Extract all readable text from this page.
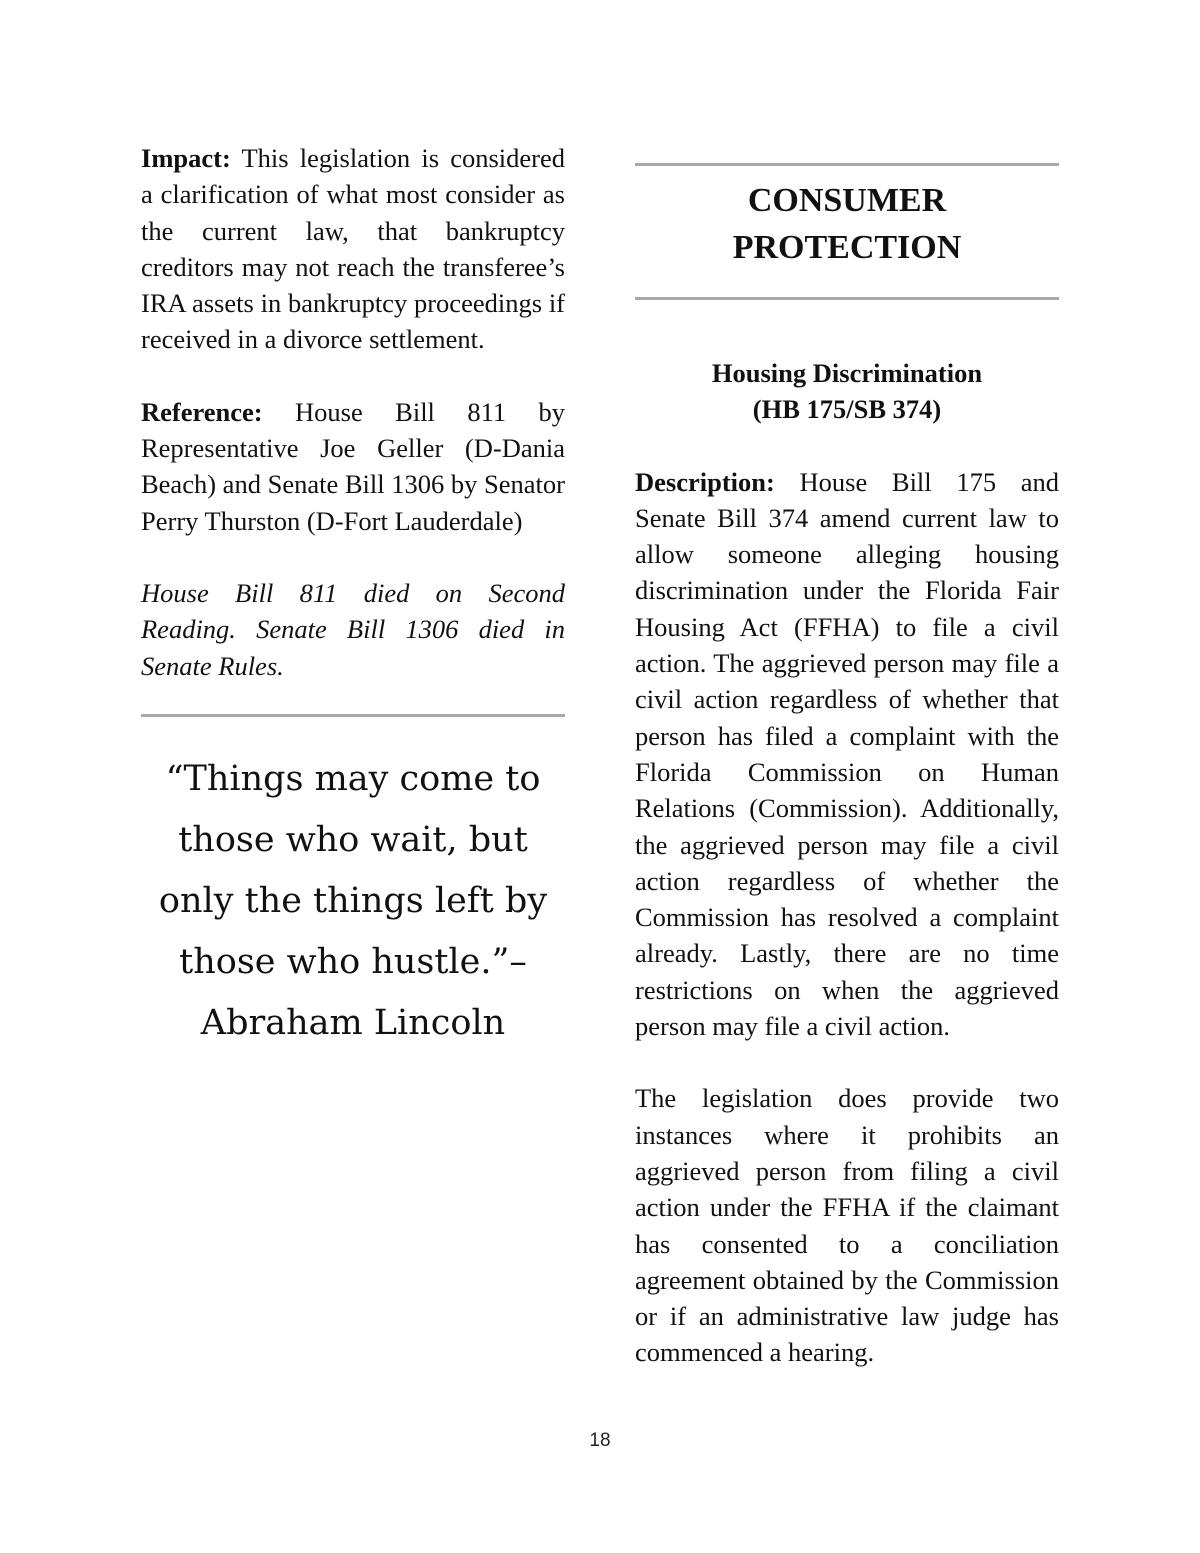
Impact: This legislation is considered a clarification of what most consider as the current law, that bankruptcy creditors may not reach the transferee’s IRA assets in bankruptcy proceedings if received in a divorce settlement.

Reference: House Bill 811 by Representative Joe Geller (D-Dania Beach) and Senate Bill 1306 by Senator Perry Thurston (D-Fort Lauderdale)

House Bill 811 died on Second Reading. Senate Bill 1306 died in Senate Rules.

“Things may come to those who wait, but only the things left by those who hustle.”– Abraham Lincoln

CONSUMER

PROTECTION

Housing Discrimination

(HB 175/SB 374)

Description: House Bill 175 and Senate Bill 374 amend current law to allow someone alleging housing discrimination under the Florida Fair Housing Act (FFHA) to file a civil action. The aggrieved person may file a civil action regardless of whether that person has filed a complaint with the Florida Commission on Human Relations (Commission). Additionally, the aggrieved person may file a civil action regardless of whether the Commission has resolved a complaint already. Lastly, there are no time restrictions on when the aggrieved person may file a civil action.

The legislation does provide two instances where it prohibits an aggrieved person from filing a civil action under the FFHA if the claimant has consented to a conciliation agreement obtained by the Commission or if an administrative law judge has commenced a hearing.

18
